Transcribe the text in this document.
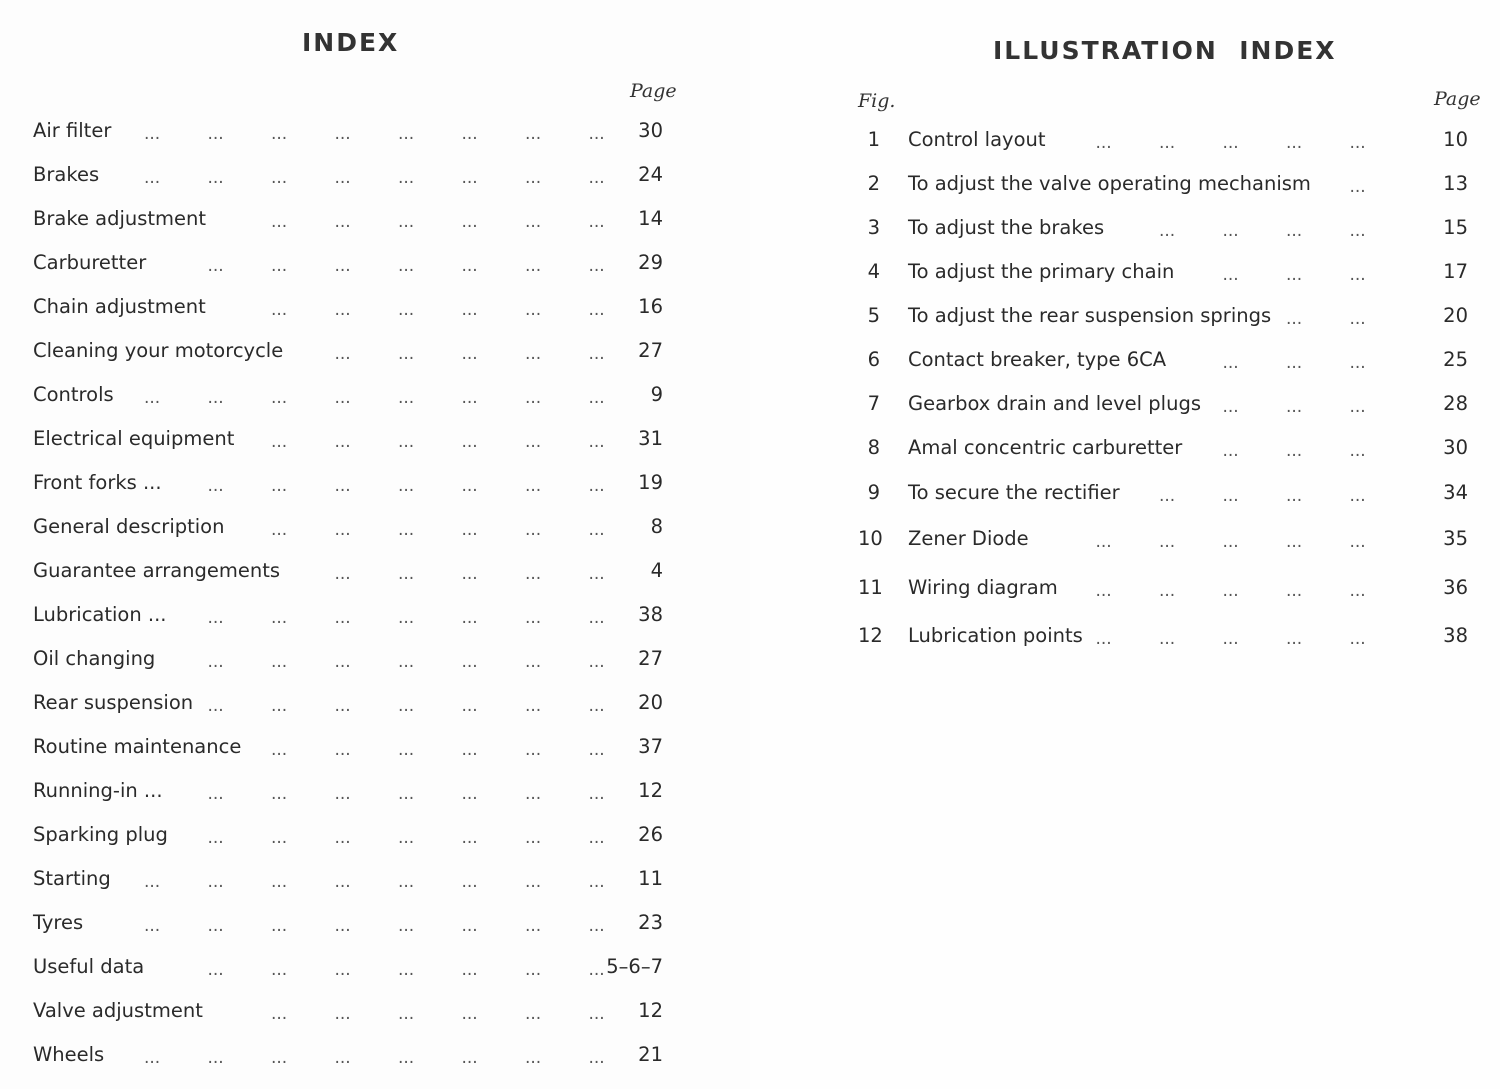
INDEX
Page
Air filter ...	...	...	...	...	...	...	...	30
Brakes	...	...	...	...	...	...	...	...	24
Brake adjustment	...	...	...	...	...	...	14
Carburetter	...	...	...	...	...	...	...	29
Chain adjustment	...	...	...	...	...	...	16
Cleaning your motorcycle	...	...	...	...	...	27
Controls ...	...	...	...	...	...	...	...	9
Electrical equipment ...	...	...	...	...	...	31
Front forks ...	...	...	...	...	...	...	...	19
General description	...	...	...	...	...	...	8
Guarantee arrangements	...	...	...	...	...	4
Lubrication ... ...	...	...	...	...	...	...	38
Oil changing	...	...	...	...	...	...	...	27
Rear suspension ...	...	...	...	...	...	...	20
Routine maintenance ...	...	...	...	...	...	37
Running-in ...	...	...	...	...	...	...	...	12
Sparking plug ...	...	...	...	...	...	...	26
Starting ...	...	...	...	...	...	...	...	11
Tyres	...	...	...	...	...	...	...	...	23
Useful data	...	...	...	...	...	...	... 5–6–7
Valve adjustment	...	...	...	...	...	...	12
Wheels ...	...	...	...	...	...	...	...	21
ILLUSTRATION  INDEX
Fig.	Page
1 Control layout	...	...	...	...	...	10
2 To adjust the valve operating mechanism ...	13
3 To adjust the brakes	...	...	...	...	15
4 To adjust the primary chain	...	...	...	17
5 To adjust the rear suspension springs ...	...	20
6 Contact breaker, type 6CA	...	...	...	25
7 Gearbox drain and level plugs ...	...	...	28
8 Amal concentric carburetter ...	...	...	30
9 To secure the rectifier ...	...	...	...	34
10 Zener Diode	...	...	...	...	...	35
11 Wiring diagram ...	...	...	...	...	36
12 Lubrication points ...	...	...	...	...	38
